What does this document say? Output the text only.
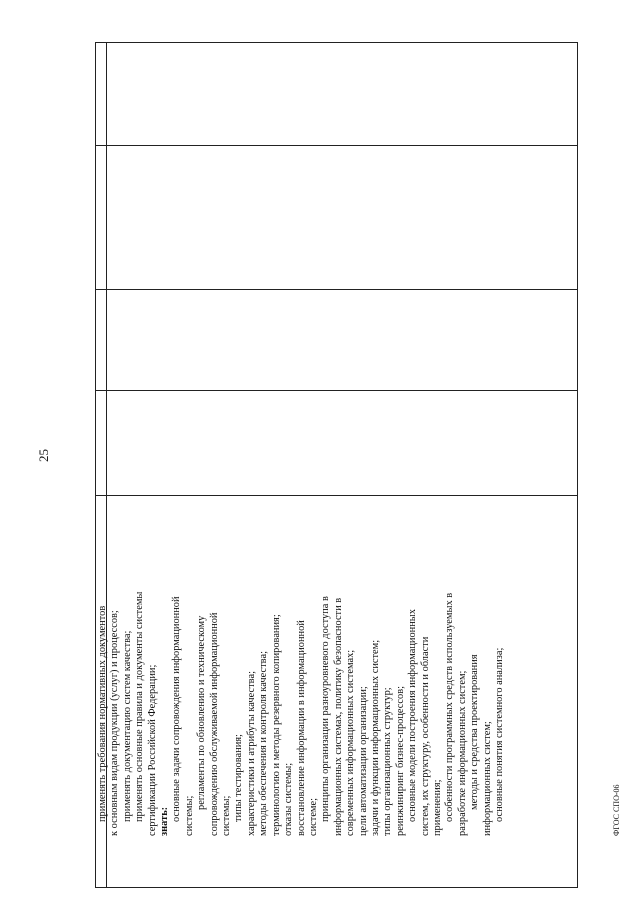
25
применять требования нормативных документов к основным видам продукции (услуг) и процессов; применять документацию систем качества; применять основные правила и документы системы сертификации Российской Федерации; знать: основные задачи сопровождения информационной системы;
регламенты по обновлению и техническому сопровождению обслуживаемой информационной системы; типы тестирования; характеристики и атрибуты качества; методы обеспечения и контроля качества; терминологию и методы резервного копирования; отказы системы; восстановление информации в информационной системе; принципы организации разноуровневого доступа в информационных системах, политику безопасности в современных информационных системах; цели автоматизации организации; задачи и функции информационных систем; типы организационных структур; реинжиниринг бизнес-процессов; основные модели построения информационных систем, их структуру, особенности и области применения; особенности программных средств используемых в разработке информационных систем; методы и средства проектирования информационных систем; основные понятия системного анализа;	ФГОС СПО-06
